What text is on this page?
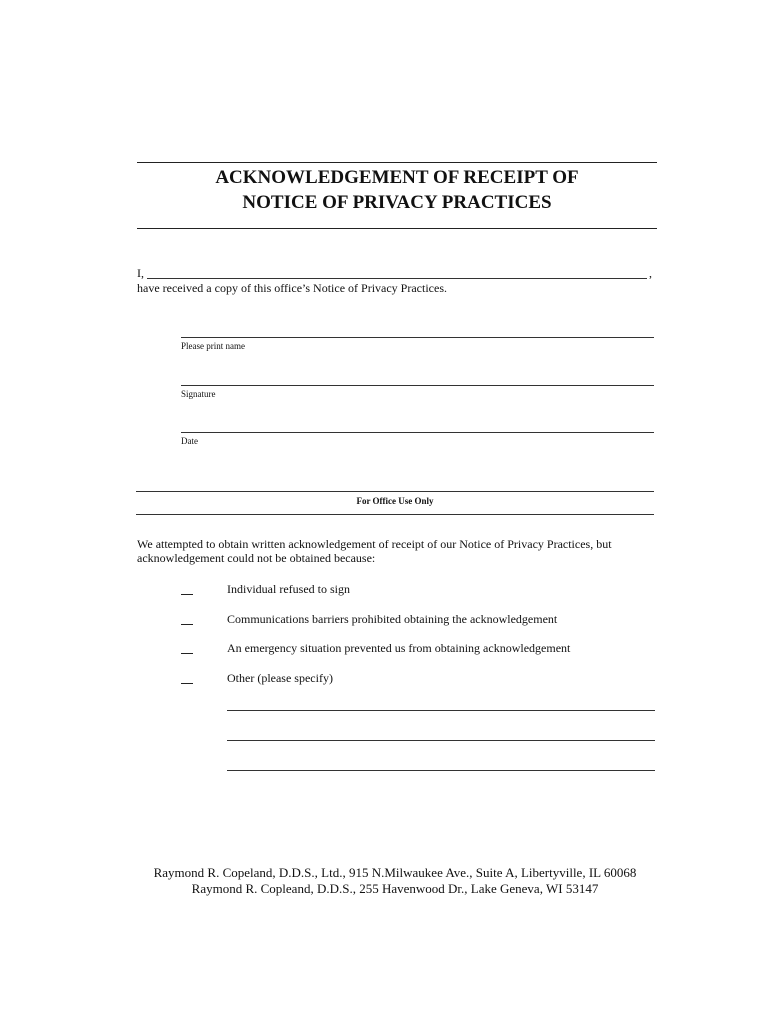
ACKNOWLEDGEMENT OF RECEIPT OF
NOTICE OF PRIVACY PRACTICES
I,	,
have received a copy of this office’s Notice of Privacy Practices.
Please print name
Signature
Date
For Office Use Only
We attempted to obtain written acknowledgement of receipt of our Notice of Privacy Practices, but
acknowledgement could not be obtained because:
Individual refused to sign
Communications barriers prohibited obtaining the acknowledgement
An emergency situation prevented us from obtaining acknowledgement
Other (please specify)
Raymond R. Copeland, D.D.S., Ltd., 915 N.Milwaukee Ave., Suite A, Libertyville, IL 60068
Raymond R. Copleand, D.D.S., 255 Havenwood Dr., Lake Geneva, WI 53147
